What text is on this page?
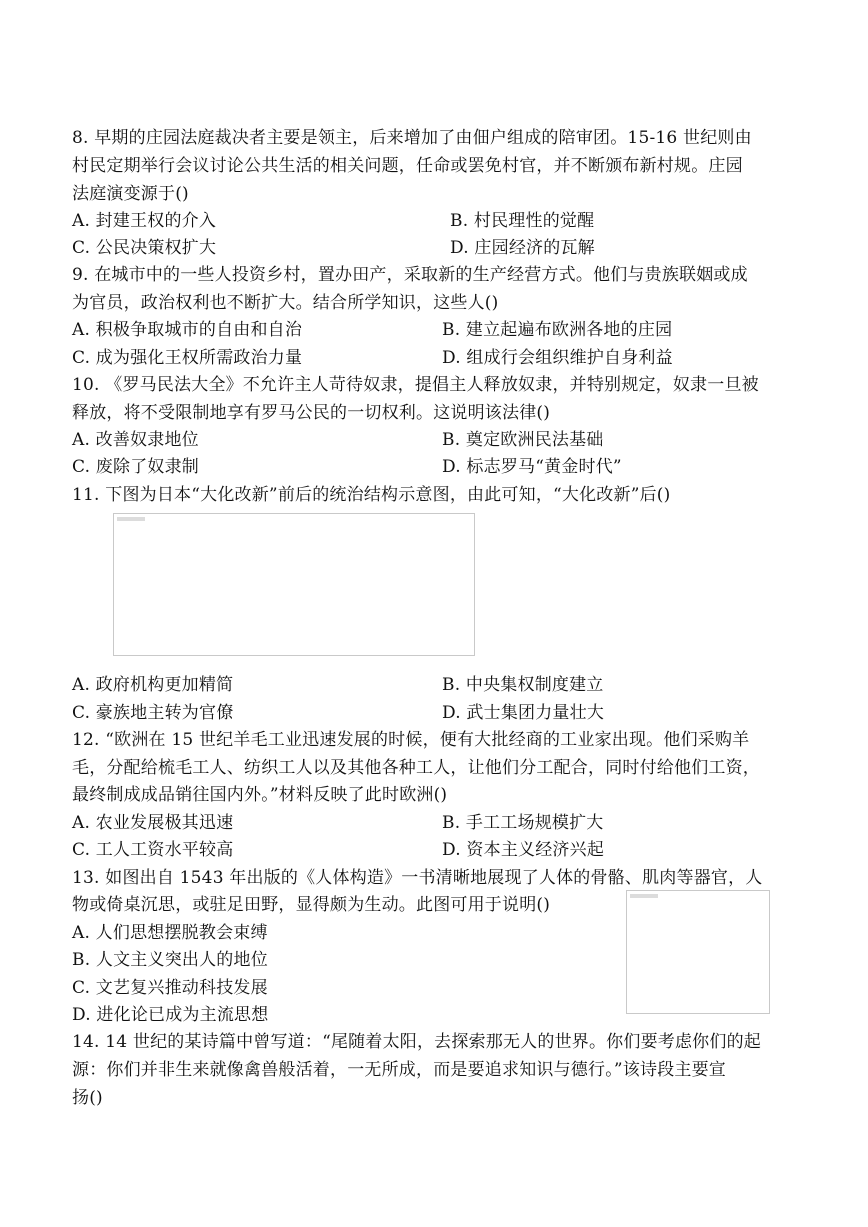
8. 早期的庄园法庭裁决者主要是领主，后来增加了由佃户组成的陪审团。15-16 世纪则由
村民定期举行会议讨论公共生活的相关问题，任命或罢免村官，并不断颁布新村规。庄园
法庭演变源于()
A. 封建王权的介入	B. 村民理性的觉醒
C. 公民决策权扩大	D. 庄园经济的瓦解
9. 在城市中的一些人投资乡村，置办田产，采取新的生产经营方式。他们与贵族联姻或成
为官员，政治权利也不断扩大。结合所学知识，这些人()
A. 积极争取城市的自由和自治	B. 建立起遍布欧洲各地的庄园
C. 成为强化王权所需政治力量	D. 组成行会组织维护自身利益
10. 《罗马民法大全》不允许主人苛待奴隶，提倡主人释放奴隶，并特别规定，奴隶一旦被
释放，将不受限制地享有罗马公民的一切权利。这说明该法律()
A. 改善奴隶地位	B. 奠定欧洲民法基础
C. 废除了奴隶制	D. 标志罗马“黄金时代”
11. 下图为日本“大化改新”前后的统治结构示意图，由此可知，“大化改新”后()
A. 政府机构更加精简	B. 中央集权制度建立
C. 豪族地主转为官僚	D. 武士集团力量壮大
12. “欧洲在 15 世纪羊毛工业迅速发展的时候，便有大批经商的工业家出现。他们采购羊
毛，分配给梳毛工人、纺织工人以及其他各种工人，让他们分工配合，同时付给他们工资，
最终制成成品销往国内外。”材料反映了此时欧洲()
A. 农业发展极其迅速	B. 手工工场规模扩大
C. 工人工资水平较高	D. 资本主义经济兴起
13. 如图出自 1543 年出版的《人体构造》一书清晰地展现了人体的骨骼、肌肉等器官，人
物或倚桌沉思，或驻足田野，显得颇为生动。此图可用于说明()
A. 人们思想摆脱教会束缚
B. 人文主义突出人的地位
C. 文艺复兴推动科技发展
D. 进化论已成为主流思想
14. 14 世纪的某诗篇中曾写道：“尾随着太阳，去探索那无人的世界。你们要考虑你们的起
源：你们并非生来就像禽兽般活着，一无所成，而是要追求知识与德行。”该诗段主要宣
扬()
